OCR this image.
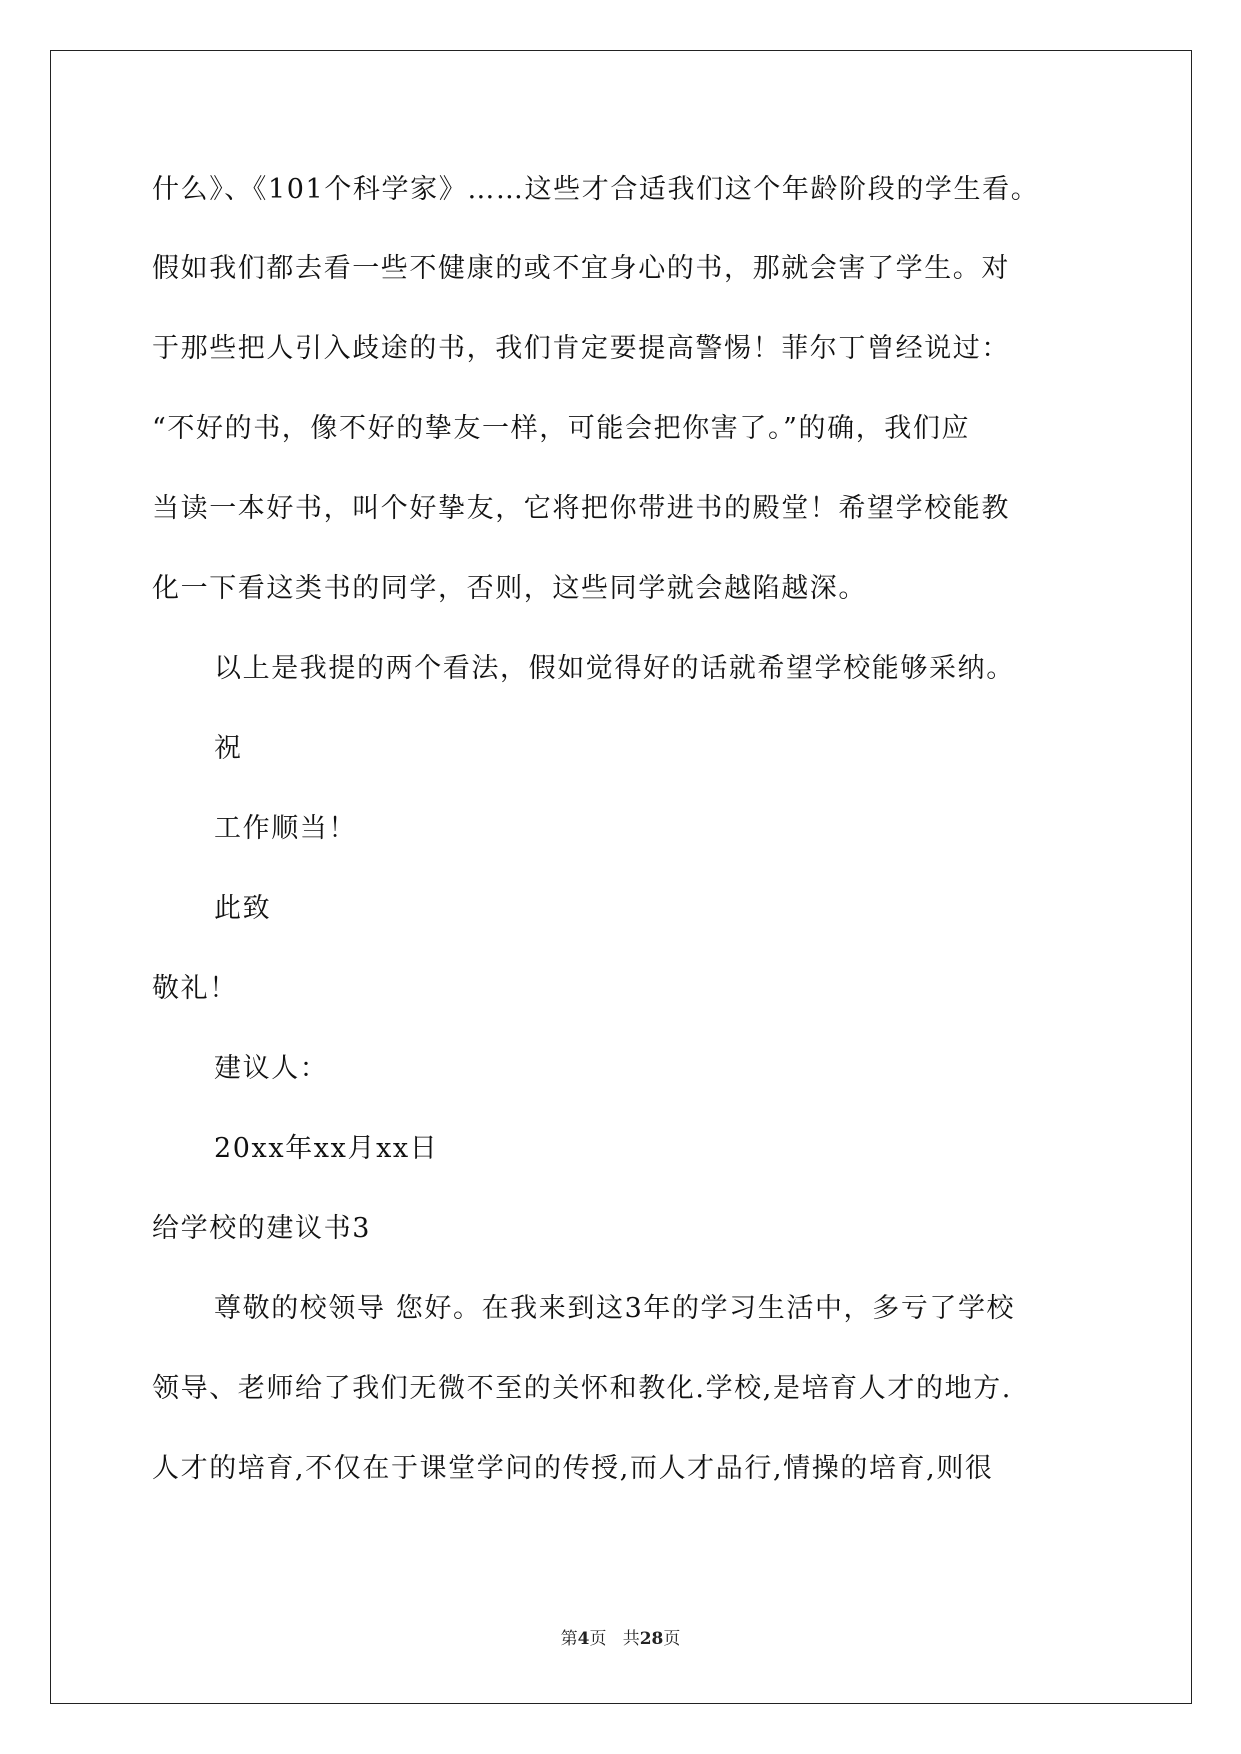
什么》、《101个科学家》……这些才合适我们这个年龄阶段的学生看。
假如我们都去看一些不健康的或不宜身心的书，那就会害了学生。对
于那些把人引入歧途的书，我们肯定要提高警惕！菲尔丁曾经说过：
“不好的书，像不好的挚友一样，可能会把你害了。”的确，我们应
当读一本好书，叫个好挚友，它将把你带进书的殿堂！希望学校能教
化一下看这类书的同学，否则，这些同学就会越陷越深。
以上是我提的两个看法，假如觉得好的话就希望学校能够采纳。
祝
工作顺当！
此致
敬礼！
建议人：
20xx年xx月xx日
给学校的建议书3
尊敬的校领导 您好。在我来到这3年的学习生活中，多亏了学校
领导、老师给了我们无微不至的关怀和教化.学校,是培育人才的地方.
人才的培育,不仅在于课堂学问的传授,而人才品行,情操的培育,则很
第4页 共28页
